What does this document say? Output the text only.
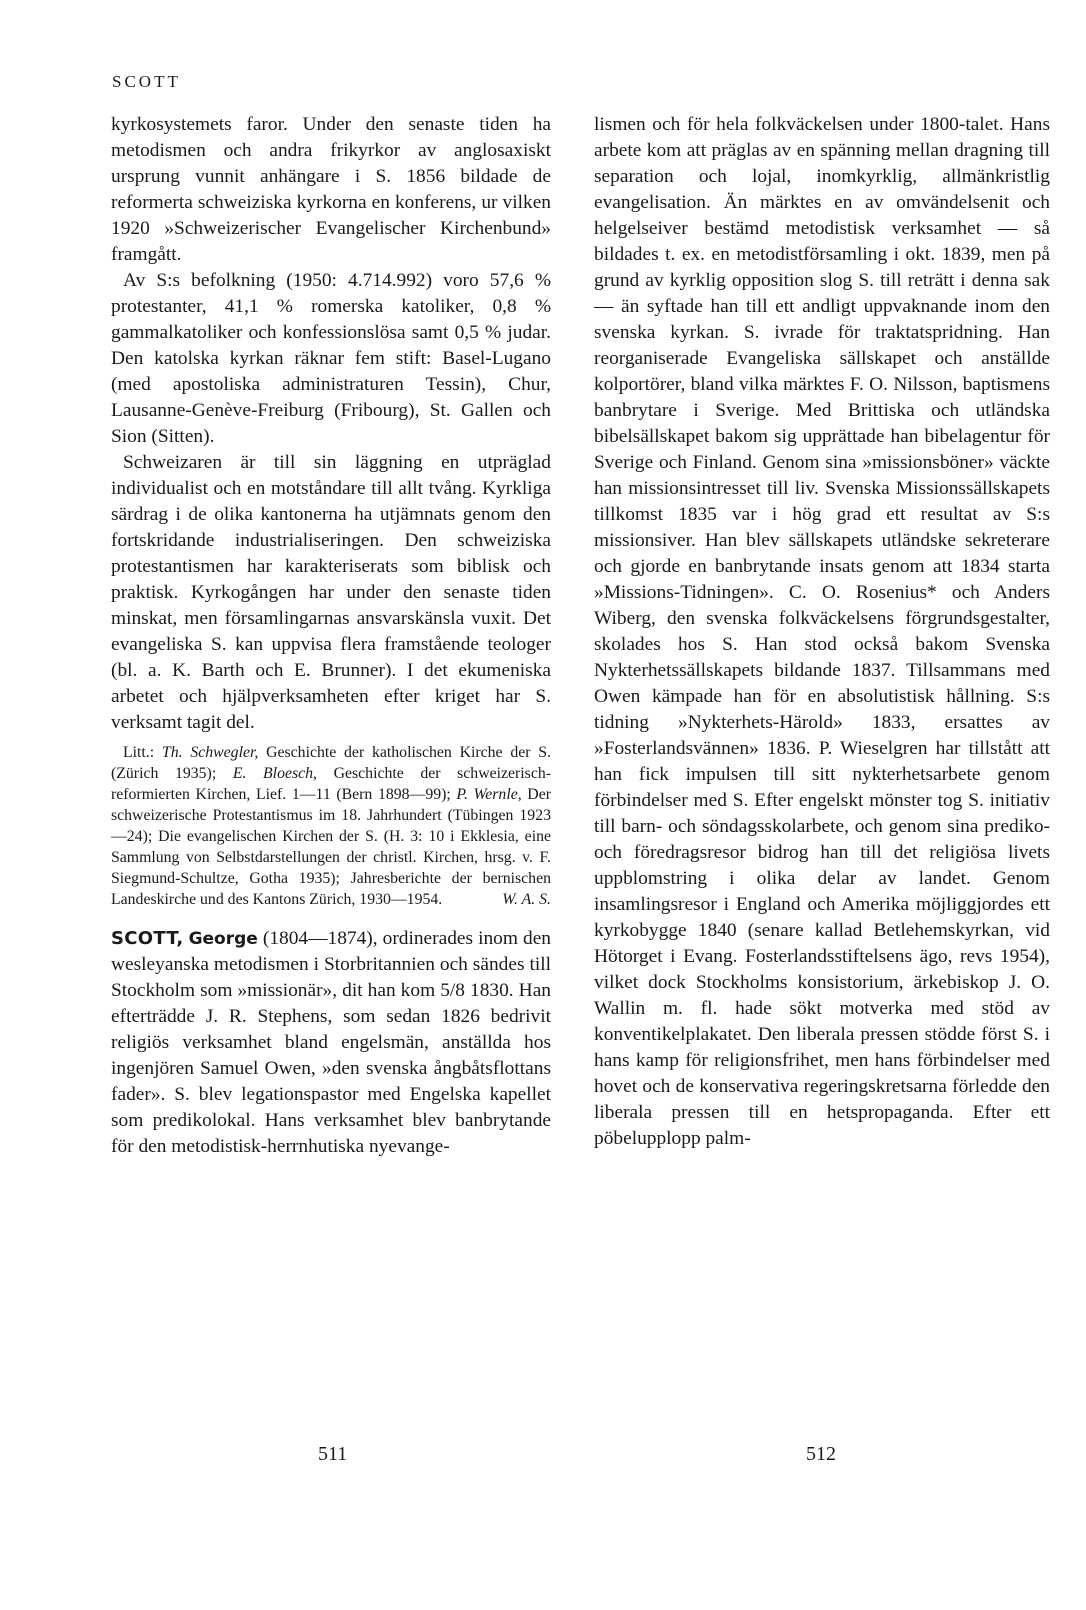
SCOTT

kyrkosystemets faror. Under den senaste tiden ha metodismen och andra frikyrkor av anglosaxiskt ursprung vunnit anhängare i S. 1856 bildade de reformerta schweiziska kyrkorna en konferens, ur vilken 1920 »Schweizerischer Evangelischer Kirchenbund» framgått.

Av S:s befolkning (1950: 4.714.992) voro 57,6 % protestanter, 41,1 % romerska katoliker, 0,8 % gammalkatoliker och konfessionslösa samt 0,5 % judar. Den katolska kyrkan räknar fem stift: Basel-Lugano (med apostoliska administraturen Tessin), Chur, Lausanne-Genève-Freiburg (Fribourg), St. Gallen och Sion (Sitten).

Schweizaren är till sin läggning en utpräglad individualist och en motståndare till allt tvång. Kyrkliga särdrag i de olika kantonerna ha utjämnats genom den fortskridande industrialiseringen. Den schweiziska protestantismen har karakteriserats som biblisk och praktisk. Kyrkogången har under den senaste tiden minskat, men församlingarnas ansvarskänsla vuxit. Det evangeliska S. kan uppvisa flera framstående teologer (bl. a. K. Barth och E. Brunner). I det ekumeniska arbetet och hjälpverksamheten efter kriget har S. verksamt tagit del.

Litt.: Th. Schwegler, Geschichte der katholischen Kirche der S. (Zürich 1935); E. Bloesch, Geschichte der schweizerisch-reformierten Kirchen, Lief. 1—11 (Bern 1898—99); P. Wernle, Der schweizerische Protestantismus im 18. Jahrhundert (Tübingen 1923—24); Die evangelischen Kirchen der S. (H. 3: 10 i Ekklesia, eine Sammlung von Selbstdarstellungen der christl. Kirchen, hrsg. v. F. Siegmund-Schultze, Gotha 1935); Jahresberichte der bernischen Landeskirche und des Kantons Zürich, 1930—1954.	W. A. S.

SCOTT, George (1804—1874), ordinerades inom den wesleyanska metodismen i Storbritannien och sändes till Stockholm som »missionär», dit han kom 5/8 1830. Han efterträdde J. R. Stephens, som sedan 1826 bedrivit religiös verksamhet bland engelsmän, anställda hos ingenjören Samuel Owen, »den svenska ångbåtsflottans fader». S. blev legationspastor med Engelska kapellet som predikolokal. Hans verksamhet blev banbrytande för den metodistisk-herrnhutiska nyevange-

lismen och för hela folkväckelsen under 1800-talet. Hans arbete kom att präglas av en spänning mellan dragning till separation och lojal, inomkyrklig, allmänkristlig evangelisation. Än märktes en av omvändelsenit och helgelseiver bestämd metodistisk verksamhet — så bildades t. ex. en metodistförsamling i okt. 1839, men på grund av kyrklig opposition slog S. till reträtt i denna sak — än syftade han till ett andligt uppvaknande inom den svenska kyrkan. S. ivrade för traktatspridning. Han reorganiserade Evangeliska sällskapet och anställde kolportörer, bland vilka märktes F. O. Nilsson, baptismens banbrytare i Sverige. Med Brittiska och utländska bibelsällskapet bakom sig upprättade han bibelagentur för Sverige och Finland. Genom sina »missionsböner» väckte han missionsintresset till liv. Svenska Missionssällskapets tillkomst 1835 var i hög grad ett resultat av S:s missionsiver. Han blev sällskapets utländske sekreterare och gjorde en banbrytande insats genom att 1834 starta »Missions-Tidningen». C. O. Rosenius* och Anders Wiberg, den svenska folkväckelsens förgrundsgestalter, skolades hos S. Han stod också bakom Svenska Nykterhetssällskapets bildande 1837. Tillsammans med Owen kämpade han för en absolutistisk hållning. S:s tidning »Nykterhets-Härold» 1833, ersattes av »Fosterlandsvännen» 1836. P. Wieselgren har tillstått att han fick impulsen till sitt nykterhetsarbete genom förbindelser med S. Efter engelskt mönster tog S. initiativ till barn- och söndagsskolarbete, och genom sina prediko- och föredragsresor bidrog han till det religiösa livets uppblomstring i olika delar av landet. Genom insamlingsresor i England och Amerika möjliggjordes ett kyrkobygge 1840 (senare kallad Betlehemskyrkan, vid Hötorget i Evang. Fosterlandsstiftelsens ägo, revs 1954), vilket dock Stockholms konsistorium, ärkebiskop J. O. Wallin m. fl. hade sökt motverka med stöd av konventikelplakatet. Den liberala pressen stödde först S. i hans kamp för religionsfrihet, men hans förbindelser med hovet och de konservativa regeringskretsarna förledde den liberala pressen till en hetspropaganda. Efter ett pöbelupplopp palm-

511	512
